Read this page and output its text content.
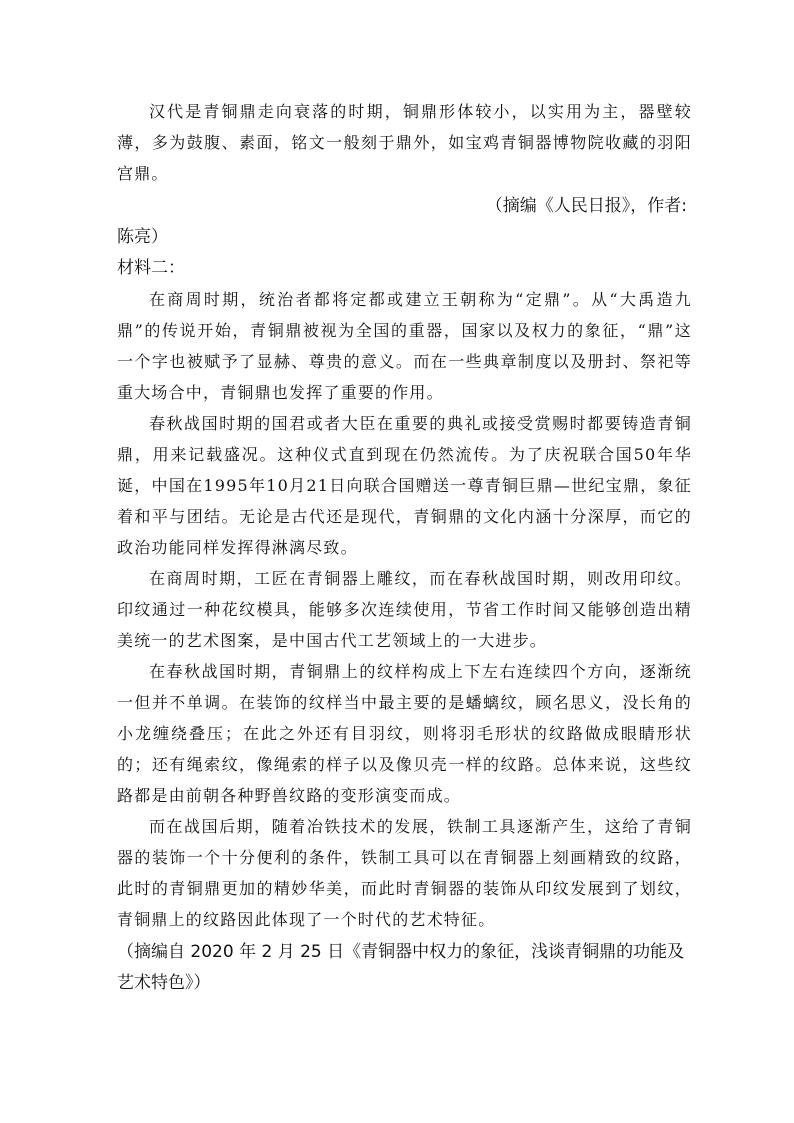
汉代是青铜鼎走向衰落的时期，铜鼎形体较小，以实用为主，器壁较薄，多为鼓腹、素面，铭文一般刻于鼎外，如宝鸡青铜器博物院收藏的羽阳宫鼎。

（摘编《人民日报》，作者:

陈亮）

材料二：

在商周时期，统治者都将定都或建立王朝称为“定鼎”。从“大禹造九鼎”的传说开始，青铜鼎被视为全国的重器，国家以及权力的象征，“鼎”这一个字也被赋予了显赫、尊贵的意义。而在一些典章制度以及册封、祭祀等重大场合中，青铜鼎也发挥了重要的作用。

春秋战国时期的国君或者大臣在重要的典礼或接受赏赐时都要铸造青铜鼎，用来记载盛况。这种仪式直到现在仍然流传。为了庆祝联合国50年华诞，中国在1995年10月21日向联合国赠送一尊青铜巨鼎—世纪宝鼎，象征着和平与团结。无论是古代还是现代，青铜鼎的文化内涵十分深厚，而它的政治功能同样发挥得淋漓尽致。

在商周时期，工匠在青铜器上雕纹，而在春秋战国时期，则改用印纹。印纹通过一种花纹模具，能够多次连续使用，节省工作时间又能够创造出精美统一的艺术图案，是中国古代工艺领域上的一大进步。

在春秋战国时期，青铜鼎上的纹样构成上下左右连续四个方向，逐渐统一但并不单调。在装饰的纹样当中最主要的是蟠螭纹，顾名思义，没长角的小龙缠绕叠压；在此之外还有目羽纹，则将羽毛形状的纹路做成眼睛形状的；还有绳索纹，像绳索的样子以及像贝壳一样的纹路。总体来说，这些纹路都是由前朝各种野兽纹路的变形演变而成。

而在战国后期，随着冶铁技术的发展，铁制工具逐渐产生，这给了青铜器的装饰一个十分便利的条件，铁制工具可以在青铜器上刻画精致的纹路，此时的青铜鼎更加的精妙华美，而此时青铜器的装饰从印纹发展到了划纹，青铜鼎上的纹路因此体现了一个时代的艺术特征。

（摘编自 2020 年 2 月 25 日《青铜器中权力的象征，浅谈青铜鼎的功能及艺术特色》）
